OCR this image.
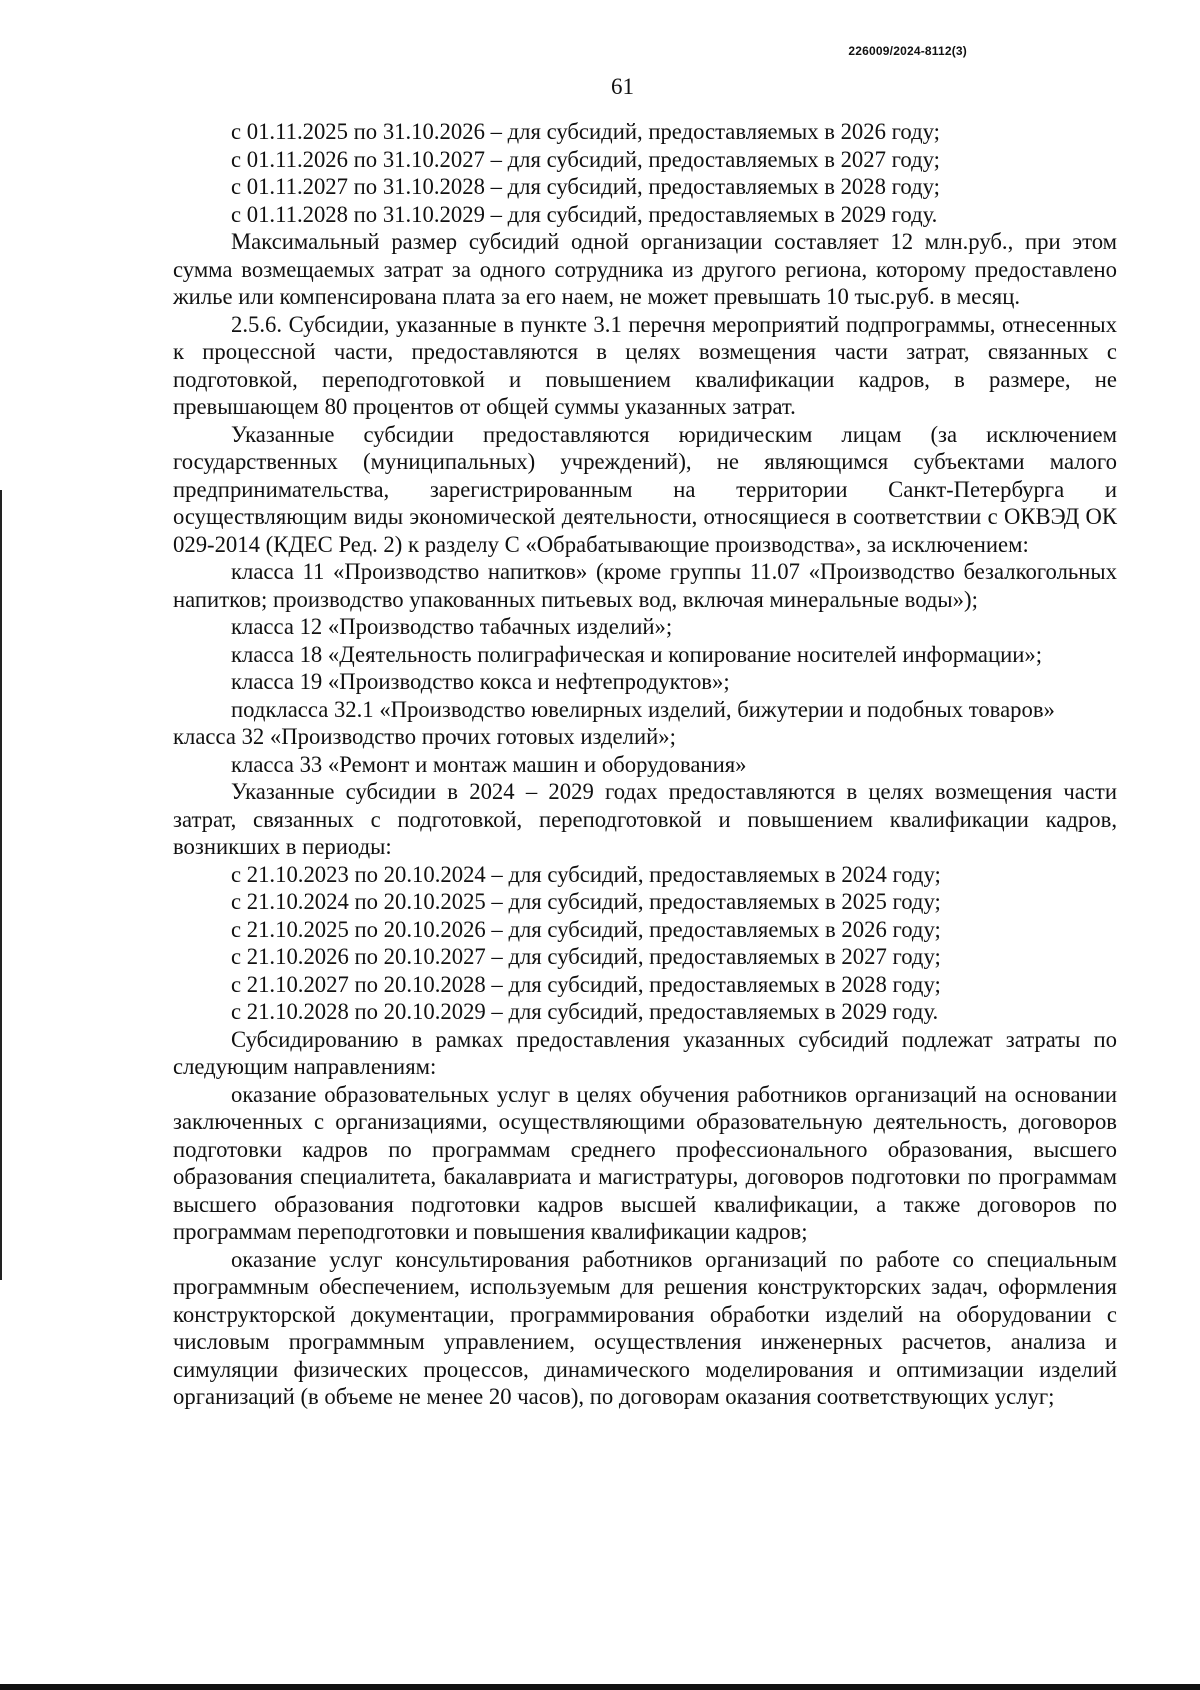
226009/2024-8112(3)
61

с 01.11.2025 по 31.10.2026 – для субсидий, предоставляемых в 2026 году;

с 01.11.2026 по 31.10.2027 – для субсидий, предоставляемых в 2027 году;

с 01.11.2027 по 31.10.2028 – для субсидий, предоставляемых в 2028 году;

с 01.11.2028 по 31.10.2029 – для субсидий, предоставляемых в 2029 году.

Максимальный размер субсидий одной организации составляет 12 млн.руб., при этом сумма возмещаемых затрат за одного сотрудника из другого региона, которому предоставлено жилье или компенсирована плата за его наем, не может превышать 10 тыс.руб. в месяц.

2.5.6. Субсидии, указанные в пункте 3.1 перечня мероприятий подпрограммы, отнесенных к процессной части, предоставляются в целях возмещения части затрат, связанных с подготовкой, переподготовкой и повышением квалификации кадров, в размере, не превышающем 80 процентов от общей суммы указанных затрат.

Указанные субсидии предоставляются юридическим лицам (за исключением государственных (муниципальных) учреждений), не являющимся субъектами малого предпринимательства, зарегистрированным на территории Санкт-Петербурга и осуществляющим виды экономической деятельности, относящиеся в соответствии с ОКВЭД ОК 029-2014 (КДЕС Ред. 2) к разделу С «Обрабатывающие производства», за исключением:

класса 11 «Производство напитков» (кроме группы 11.07 «Производство безалкогольных напитков; производство упакованных питьевых вод, включая минеральные воды»);

класса 12 «Производство табачных изделий»;

класса 18 «Деятельность полиграфическая и копирование носителей информации»;

класса 19 «Производство кокса и нефтепродуктов»;

подкласса 32.1 «Производство ювелирных изделий, бижутерии и подобных товаров» класса 32 «Производство прочих готовых изделий»;

класса 33 «Ремонт и монтаж машин и оборудования»

Указанные субсидии в 2024 – 2029 годах предоставляются в целях возмещения части затрат, связанных с подготовкой, переподготовкой и повышением квалификации кадров, возникших в периоды:

с 21.10.2023 по 20.10.2024 – для субсидий, предоставляемых в 2024 году;

с 21.10.2024 по 20.10.2025 – для субсидий, предоставляемых в 2025 году;

с 21.10.2025 по 20.10.2026 – для субсидий, предоставляемых в 2026 году;

с 21.10.2026 по 20.10.2027 – для субсидий, предоставляемых в 2027 году;

с 21.10.2027 по 20.10.2028 – для субсидий, предоставляемых в 2028 году;

с 21.10.2028 по 20.10.2029 – для субсидий, предоставляемых в 2029 году.

Субсидированию в рамках предоставления указанных субсидий подлежат затраты по следующим направлениям:

оказание образовательных услуг в целях обучения работников организаций на основании заключенных с организациями, осуществляющими образовательную деятельность, договоров подготовки кадров по программам среднего профессионального образования, высшего образования специалитета, бакалавриата и магистратуры, договоров подготовки по программам высшего образования подготовки кадров высшей квалификации, а также договоров по программам переподготовки и повышения квалификации кадров;

оказание услуг консультирования работников организаций по работе со специальным программным обеспечением, используемым для решения конструкторских задач, оформления конструкторской документации, программирования обработки изделий на оборудовании с числовым программным управлением, осуществления инженерных расчетов, анализа и симуляции физических процессов, динамического моделирования и оптимизации изделий организаций (в объеме не менее 20 часов), по договорам оказания соответствующих услуг;
